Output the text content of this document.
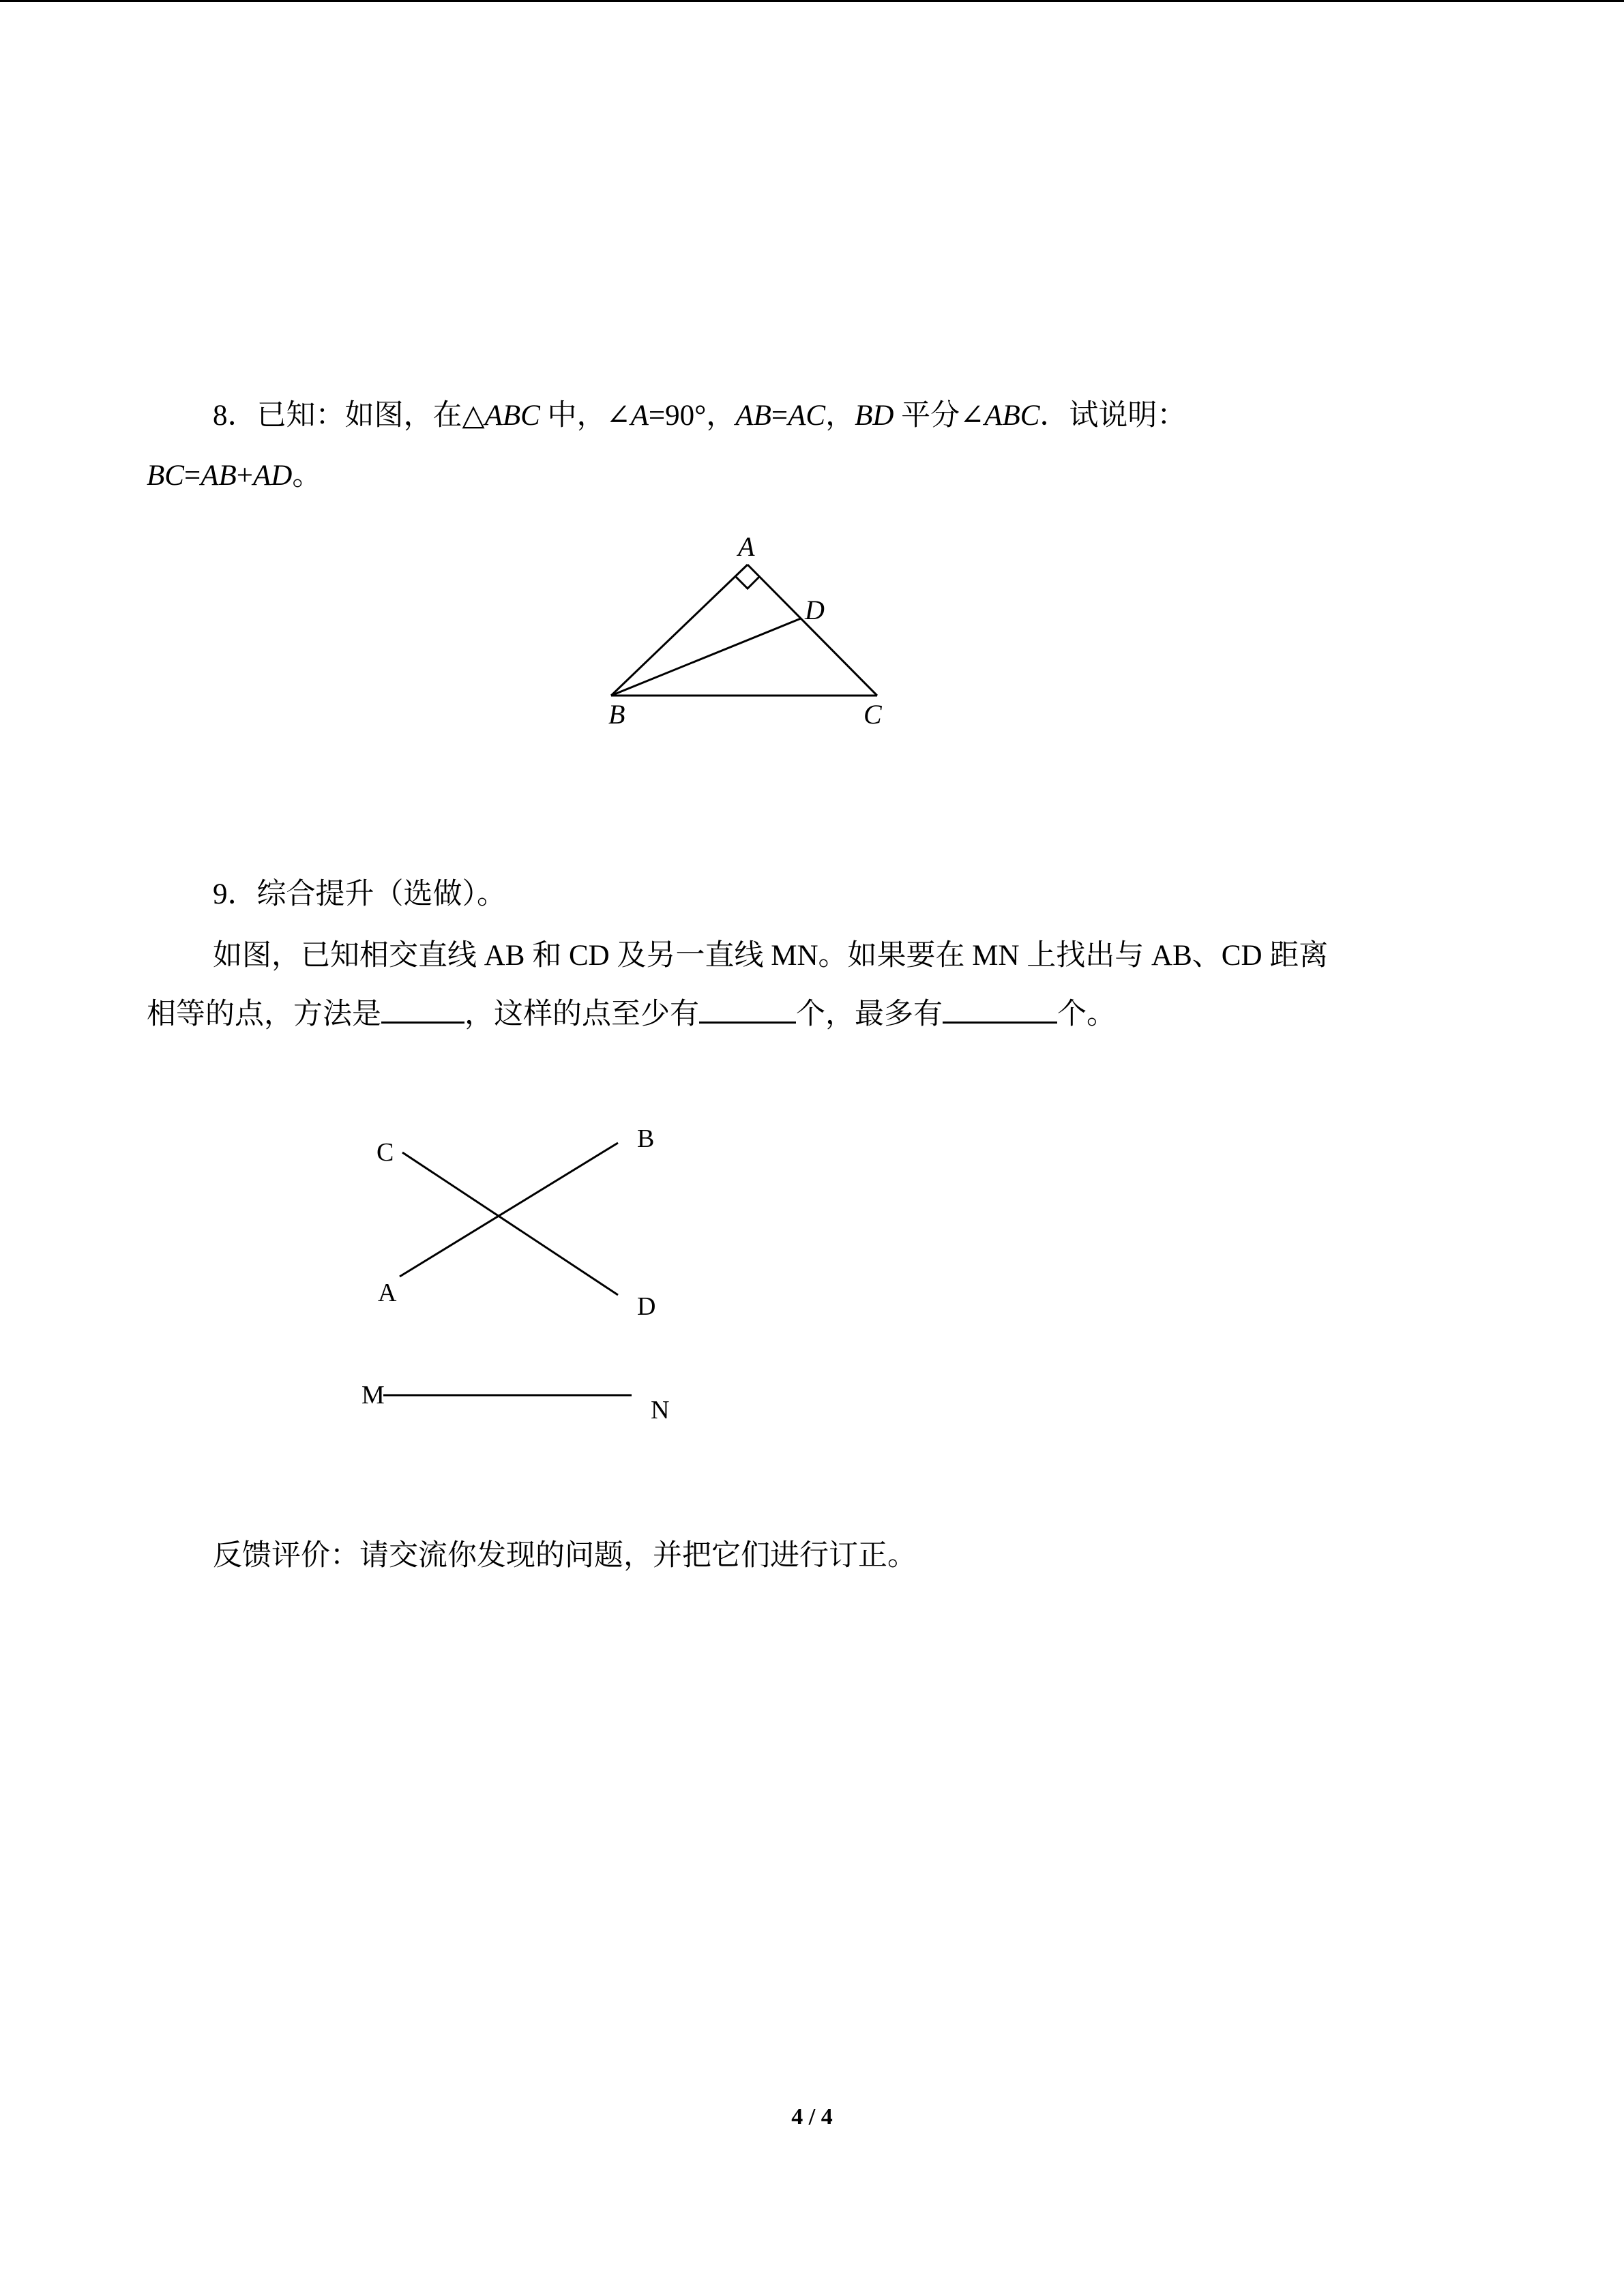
8．已知：如图，在△ABC 中，∠A=90°，AB=AC，BD 平分∠ABC．试说明：
BC=AB+AD。
A
D
B	C
9．综合提升（选做）。
如图，已知相交直线 AB 和 CD 及另一直线 MN。如果要在 MN 上找出与 AB、CD 距离
相等的点，方法是	，这样的点至少有	个，最多有	个。
C	B
A	D
M
N
反馈评价：请交流你发现的问题，并把它们进行订正。
4 / 4
